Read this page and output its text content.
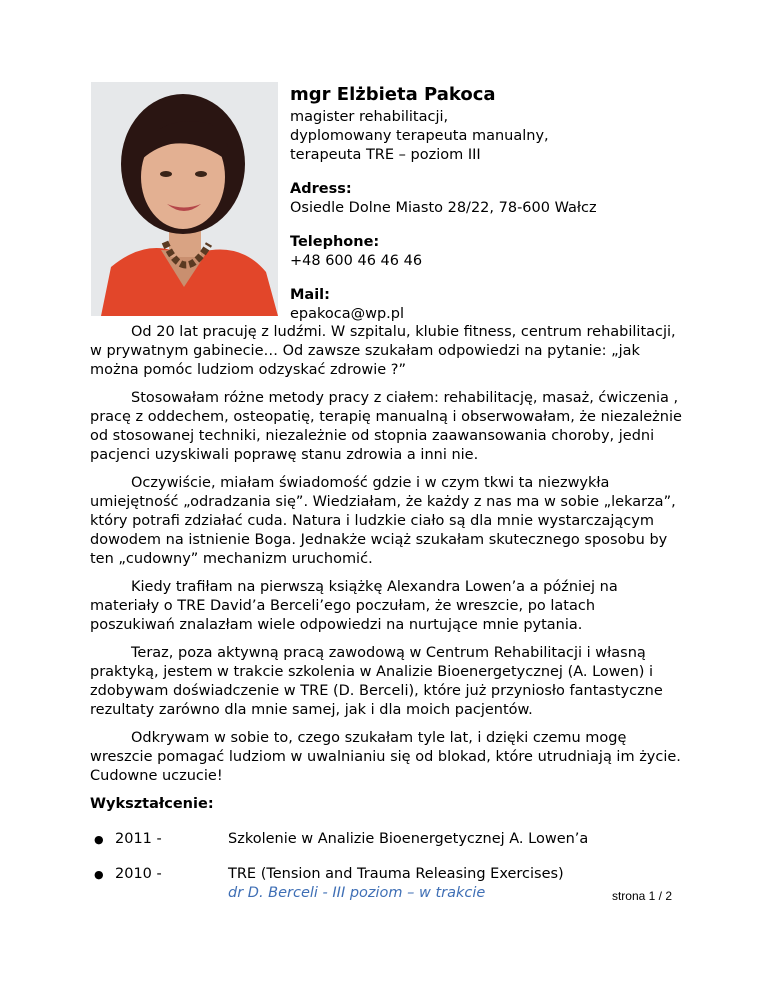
mgr Elżbieta Pakoca
magister rehabilitacji,
dyplomowany terapeuta manualny,
terapeuta TRE – poziom III
Adress:
Osiedle Dolne Miasto 28/22, 78-600 Wałcz
Telephone:
+48 600 46 46 46
Mail:
epakoca@wp.pl

Od 20 lat pracuję z ludźmi. W szpitalu, klubie fitness, centrum rehabilitacji, w prywatnym gabinecie… Od zawsze szukałam odpowiedzi na pytanie: „jak można pomóc ludziom odzyskać zdrowie ?”

Stosowałam różne metody pracy z ciałem: rehabilitację, masaż, ćwiczenia , pracę z oddechem, osteopatię, terapię manualną i obserwowałam, że niezależnie od stosowanej techniki, niezależnie od stopnia zaawansowania choroby, jedni pacjenci uzyskiwali poprawę stanu zdrowia a inni nie.

Oczywiście, miałam świadomość gdzie i w czym tkwi ta niezwykła umiejętność „odradzania się”. Wiedziałam, że każdy z nas ma w sobie „lekarza”, który potrafi zdziałać cuda. Natura i ludzkie ciało są dla mnie wystarczającym dowodem na istnienie Boga. Jednakże wciąż szukałam skutecznego sposobu by ten „cudowny” mechanizm uruchomić.

Kiedy trafiłam na pierwszą książkę Alexandra Lowen’a a później na materiały o TRE David’a Berceli’ego poczułam, że wreszcie, po latach poszukiwań znalazłam wiele odpowiedzi na nurtujące mnie pytania.

Teraz, poza aktywną pracą zawodową w Centrum Rehabilitacji i własną praktyką, jestem w trakcie szkolenia w Analizie Bioenergetycznej (A. Lowen) i zdobywam doświadczenie w TRE (D. Berceli), które już przyniosło fantastyczne rezultaty zarówno dla mnie samej, jak i dla moich pacjentów.

Odkrywam w sobie to, czego szukałam tyle lat, i dzięki czemu mogę wreszcie pomagać ludziom w uwalnianiu się od blokad, które utrudniają im życie. Cudowne uczucie!

Wykształcenie:
● 2011 -	Szkolenie w Analizie Bioenergetycznej A. Lowen’a
● 2010 -	TRE (Tension and Trauma Releasing Exercises)
dr D. Berceli - III poziom – w trakcie	strona 1 / 2
